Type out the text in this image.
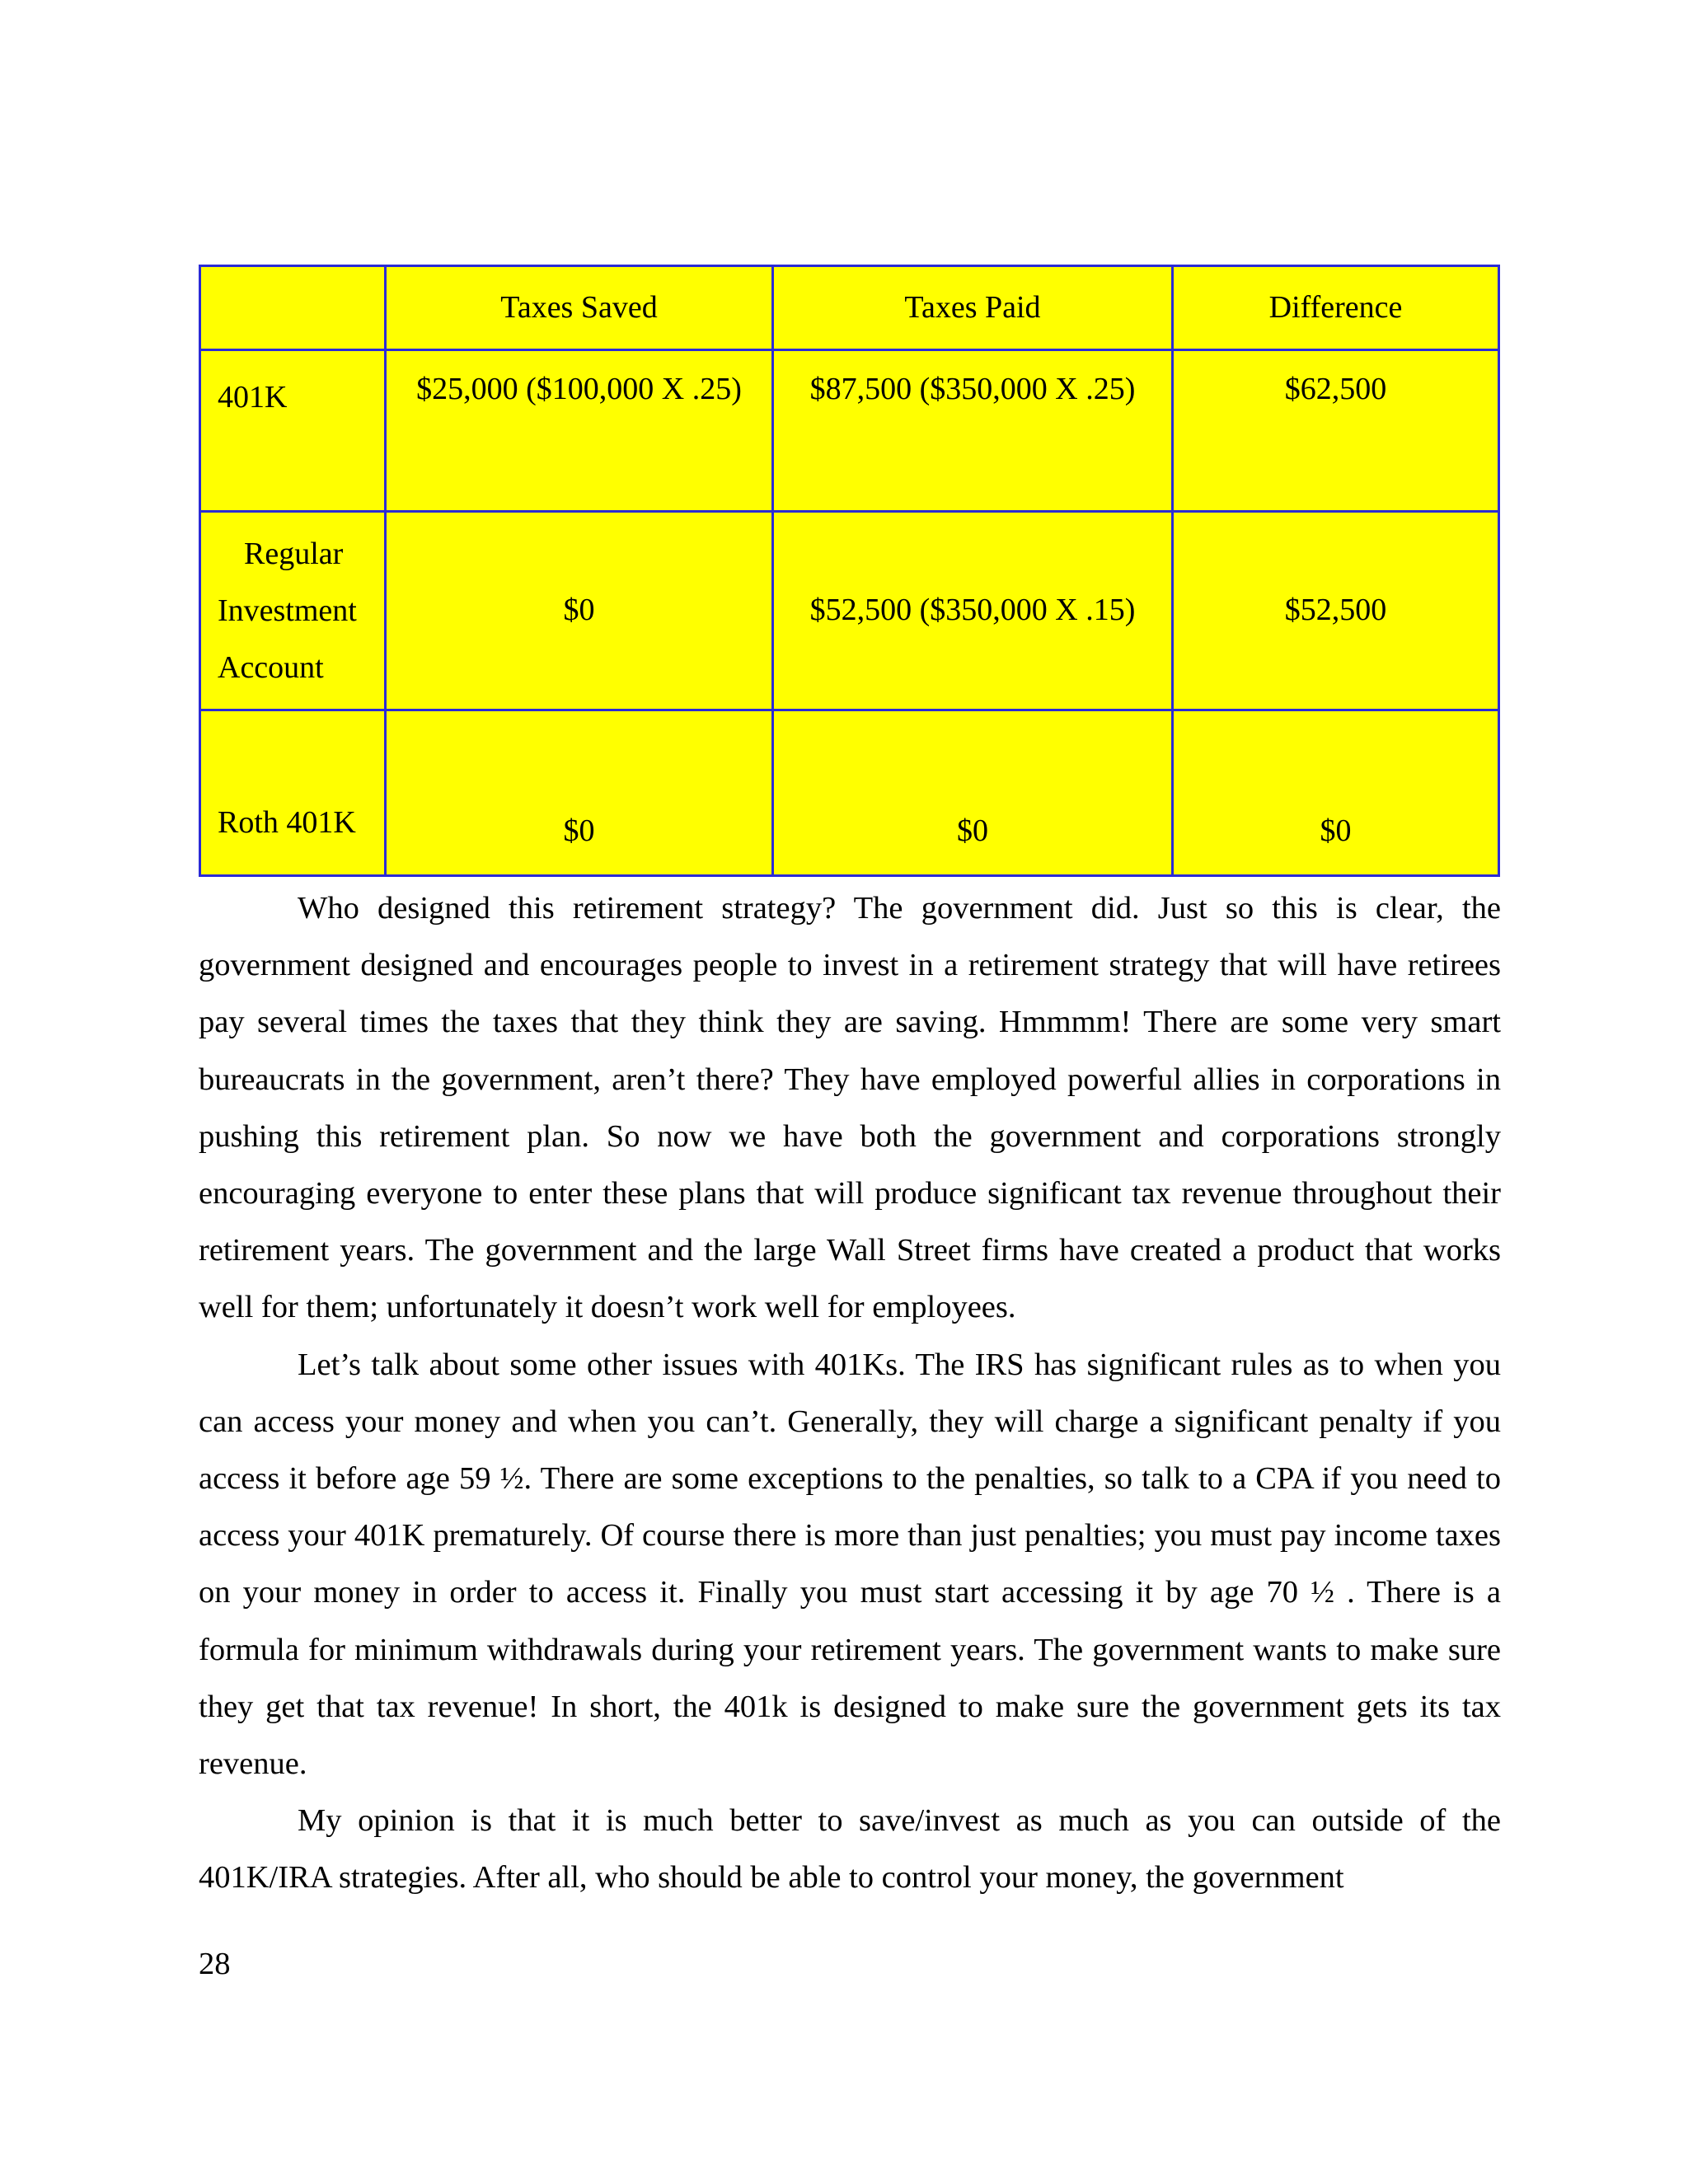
	Taxes Saved	Taxes Paid	Difference

401K	$25,000 ($100,000 X .25)	$87,500 ($350,000 X .25)	$62,500

Regular
Investment
Account	$0	$52,500 ($350,000 X .15)	$52,500

Roth 401K	$0	$0	$0

Who designed this retirement strategy? The government did. Just so this is clear, the government designed and encourages people to invest in a retirement strategy that will have retirees pay several times the taxes that they think they are saving. Hmmmm! There are some very smart bureaucrats in the government, aren’t there? They have employed powerful allies in corporations in pushing this retirement plan. So now we have both the government and corporations strongly encouraging everyone to enter these plans that will produce significant tax revenue throughout their retirement years. The government and the large Wall Street firms have created a product that works well for them; unfortunately it doesn’t work well for employees.

Let’s talk about some other issues with 401Ks. The IRS has significant rules as to when you can access your money and when you can’t. Generally, they will charge a significant penalty if you access it before age 59 ½. There are some exceptions to the penalties, so talk to a CPA if you need to access your 401K prematurely. Of course there is more than just penalties; you must pay income taxes on your money in order to access it. Finally you must start accessing it by age 70 ½ . There is a formula for minimum withdrawals during your retirement years. The government wants to make sure they get that tax revenue! In short, the 401k is designed to make sure the government gets its tax revenue.

My opinion is that it is much better to save/invest as much as you can outside of the 401K/IRA strategies. After all, who should be able to control your money, the government

28
